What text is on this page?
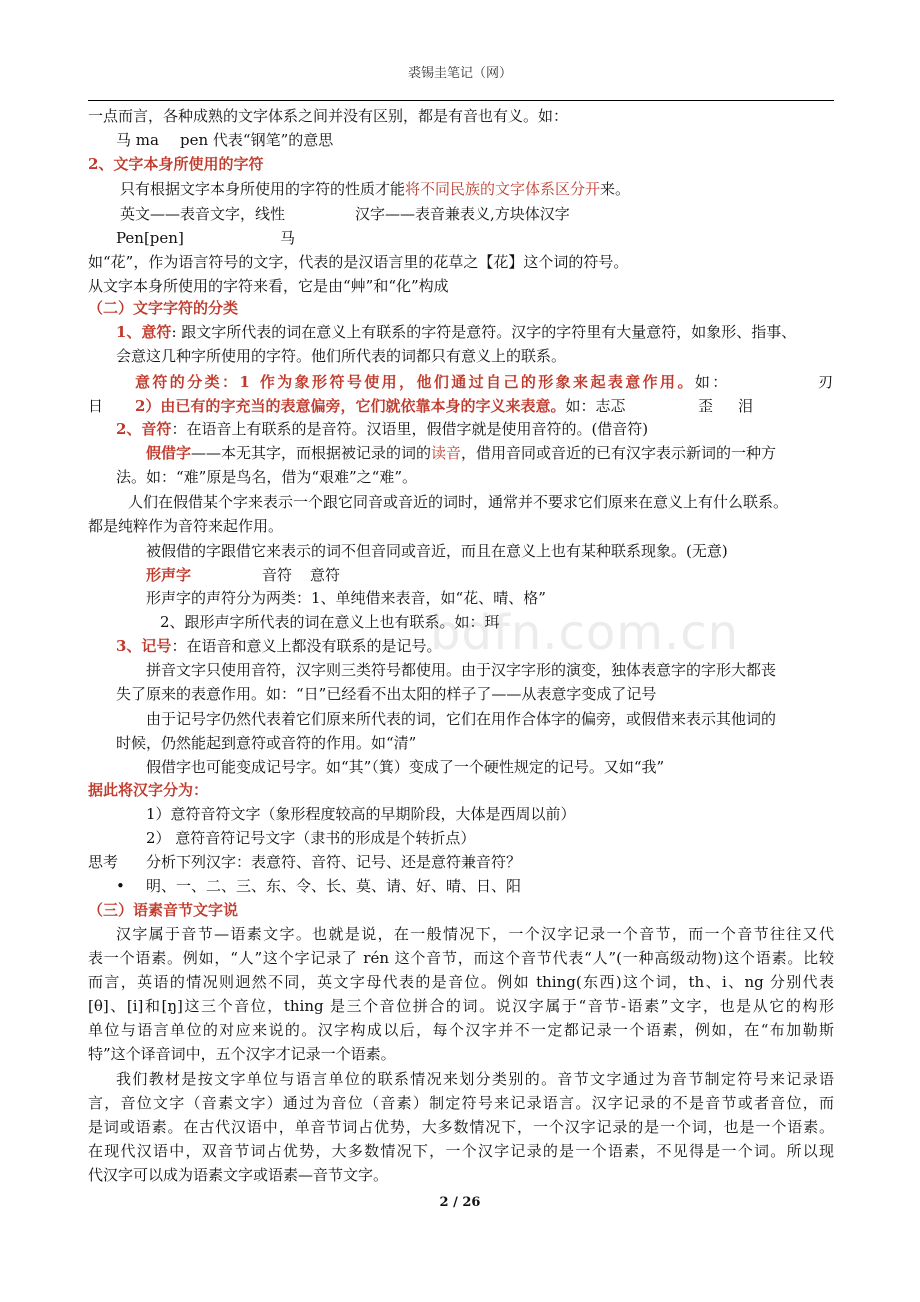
裘锡圭笔记（网）
bdfn.com.cn
一点而言，各种成熟的文字体系之间并没有区别，都是有音也有义。如：
马 ma pen 代表“钢笔”的意思
2、文字本身所使用的字符
只有根据文字本身所使用的字符的性质才能将不同民族的文字体系区分开来。
英文——表音文字，线性	汉字——表音兼表义,方块体汉字
Pen[pen]	马
如“花”，作为语言符号的文字，代表的是汉语言里的花草之【花】这个词的符号。
从文字本身所使用的字符来看，它是由“艸”和“化”构成
（二）文字字符的分类
1、意符: 跟文字所代表的词在意义上有联系的字符是意符。汉字的字符里有大量意符，如象形、指事、
会意这几种字所使用的字符。他们所代表的词都只有意义上的联系。
意符的分类：1 作为象形符号使用，他们通过自己的形象来起表意作用。如：	刃
日 2）由已有的字充当的表意偏旁，它们就依靠本身的字义来表意。如：志忑	歪 泪
2、音符：在语音上有联系的是音符。汉语里，假借字就是使用音符的。(借音符)
假借字——本无其字，而根据被记录的词的读音，借用音同或音近的已有汉字表示新词的一种方
法。如：“难”原是鸟名，借为“艰难”之“难”。
人们在假借某个字来表示一个跟它同音或音近的词时，通常并不要求它们原来在意义上有什么联系。
都是纯粹作为音符来起作用。
被假借的字跟借它来表示的词不但音同或音近，而且在意义上也有某种联系现象。(无意)
形声字	音符 意符
形声字的声符分为两类：1、单纯借来表音，如“花、晴、格”
2、跟形声字所代表的词在意义上也有联系。如：珥
3、记号：在语音和意义上都没有联系的是记号。
拼音文字只使用音符，汉字则三类符号都使用。由于汉字字形的演变，独体表意字的字形大都丧
失了原来的表意作用。如：“日”已经看不出太阳的样子了——从表意字变成了记号
由于记号字仍然代表着它们原来所代表的词，它们在用作合体字的偏旁，或假借来表示其他词的
时候，仍然能起到意符或音符的作用。如“清”
假借字也可能变成记号字。如“其”（箕）变成了一个硬性规定的记号。又如“我”
据此将汉字分为：
1）意符音符文字（象形程度较高的早期阶段，大体是西周以前）
2） 意符音符记号文字（隶书的形成是个转折点）
思考 分析下列汉字：表意符、音符、记号、还是意符兼音符？
• 明、一、二、三、东、令、长、莫、请、好、晴、日、阳
（三）语素音节文字说
汉字属于音节—语素文字。也就是说，在一般情况下，一个汉字记录一个音节，而一个音节往往又代
表一个语素。例如，“人”这个字记录了 rén 这个音节，而这个音节代表“人”(一种高级动物)这个语素。比较
而言，英语的情况则迥然不同，英文字母代表的是音位。例如 thing(东西)这个词，th、i、ng 分别代表
[θ]、[i]和[ŋ]这三个音位，thing 是三个音位拼合的词。说汉字属于“音节-语素”文字，也是从它的构形
单位与语言单位的对应来说的。汉字构成以后，每个汉字并不一定都记录一个语素，例如，在“布加勒斯
特”这个译音词中，五个汉字才记录一个语素。
我们教材是按文字单位与语言单位的联系情况来划分类别的。音节文字通过为音节制定符号来记录语
言，音位文字（音素文字）通过为音位（音素）制定符号来记录语言。汉字记录的不是音节或者音位，而
是词或语素。在古代汉语中，单音节词占优势，大多数情况下，一个汉字记录的是一个词，也是一个语素。
在现代汉语中，双音节词占优势，大多数情况下，一个汉字记录的是一个语素，不见得是一个词。所以现
代汉字可以成为语素文字或语素—音节文字。
2 / 26
